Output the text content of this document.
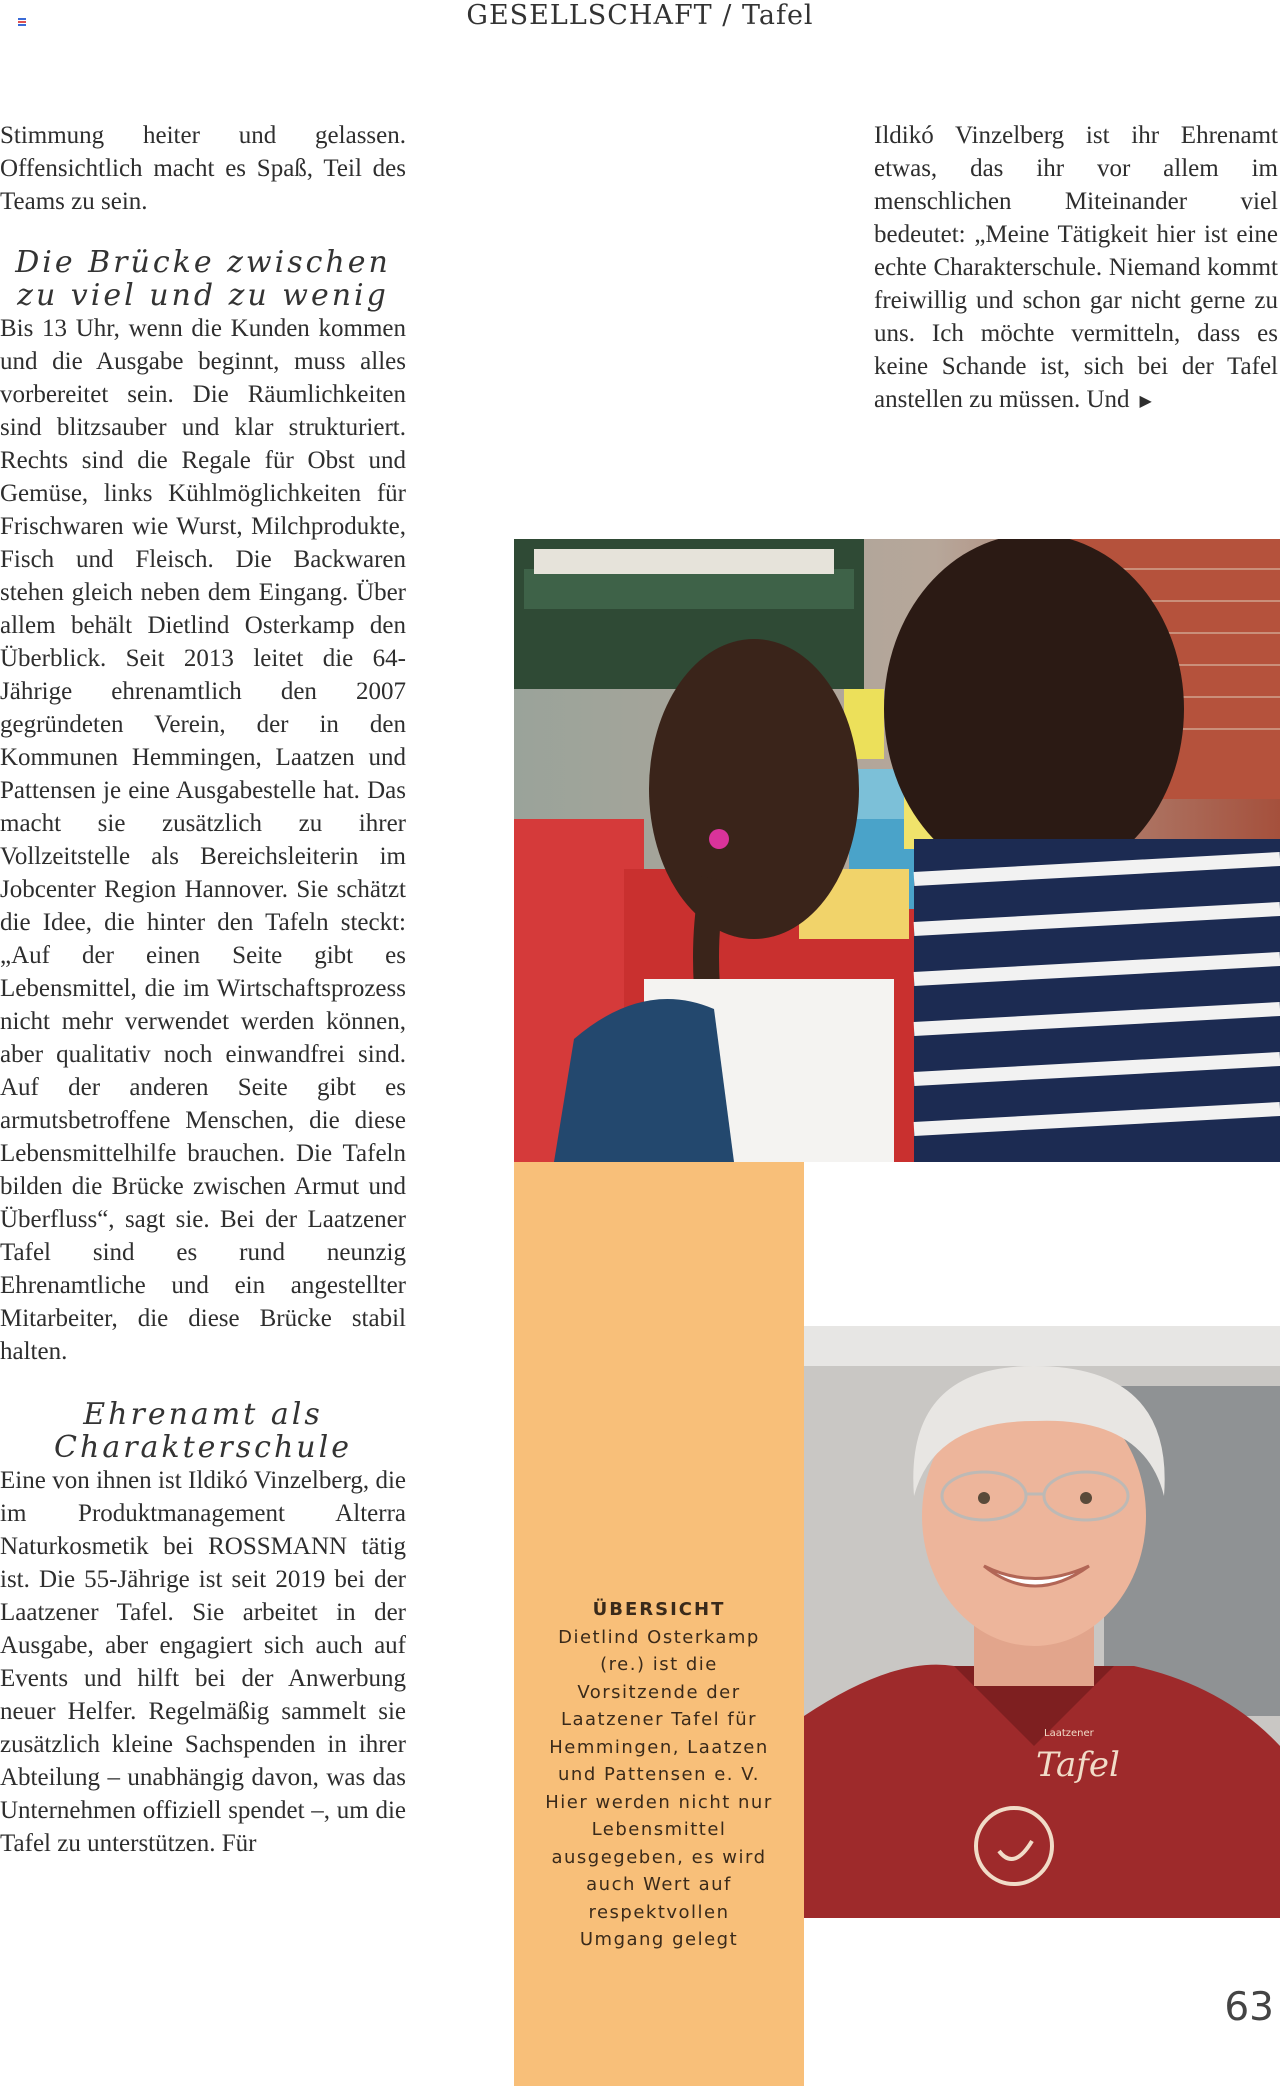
GESELLSCHAFT / Tafel

Stimmung heiter und gelassen. Offensichtlich macht es Spaß, Teil des Teams zu sein.

Die Brücke zwischen zu viel und zu wenig

Bis 13 Uhr, wenn die Kunden kommen und die Ausgabe beginnt, muss alles vorbereitet sein. Die Räumlichkeiten sind blitzsauber und klar strukturiert. Rechts sind die Regale für Obst und Gemüse, links Kühlmöglichkeiten für Frischwaren wie Wurst, Milchprodukte, Fisch und Fleisch. Die Backwaren stehen gleich neben dem Eingang. Über allem behält Dietlind Osterkamp den Überblick. Seit 2013 leitet die 64-Jährige ehrenamtlich den 2007 gegründeten Verein, der in den Kommunen Hemmingen, Laatzen und Pattensen je eine Ausgabestelle hat. Das macht sie zusätzlich zu ihrer Vollzeitstelle als Bereichsleiterin im Jobcenter Region Hannover. Sie schätzt die Idee, die hinter den Tafeln steckt: „Auf der einen Seite gibt es Lebensmittel, die im Wirtschaftsprozess nicht mehr verwendet werden können, aber qualitativ noch einwandfrei sind. Auf der anderen Seite gibt es armutsbetroffene Menschen, die diese Lebensmittelhilfe brauchen. Die Tafeln bilden die Brücke zwischen Armut und Überfluss“, sagt sie. Bei der Laatzener Tafel sind es rund neunzig Ehrenamtliche und ein angestellter Mitarbeiter, die diese Brücke stabil halten.

Ehrenamt als Charakterschule

Eine von ihnen ist Ildikó Vinzelberg, die im Produktmanagement Alterra Naturkosmetik bei ROSSMANN tätig ist. Die 55-Jährige ist seit 2019 bei der Laatzener Tafel. Sie arbeitet in der Ausgabe, aber engagiert sich auch auf Events und hilft bei der Anwerbung neuer Helfer. Regelmäßig sammelt sie zusätzlich kleine Sachspenden in ihrer Abteilung – unabhängig davon, was das Unternehmen offiziell spendet –, um die Tafel zu unterstützen. Für

Ildikó Vinzelberg ist ihr Ehrenamt etwas, das ihr vor allem im menschlichen Miteinander viel bedeutet: „Meine Tätigkeit hier ist eine echte Charakterschule. Niemand kommt freiwillig und schon gar nicht gerne zu uns. Ich möchte vermitteln, dass es keine Schande ist, sich bei der Tafel anstellen zu müssen. Und ▶

ÜBERSICHT
Dietlind Osterkamp (re.) ist die Vorsitzende der Laatzener Tafel für Hemmingen, Laatzen und Pattensen e. V. Hier werden nicht nur Lebensmittel ausgegeben, es wird auch Wert auf respektvollen Umgang gelegt
Laatzener
Tafel
63
